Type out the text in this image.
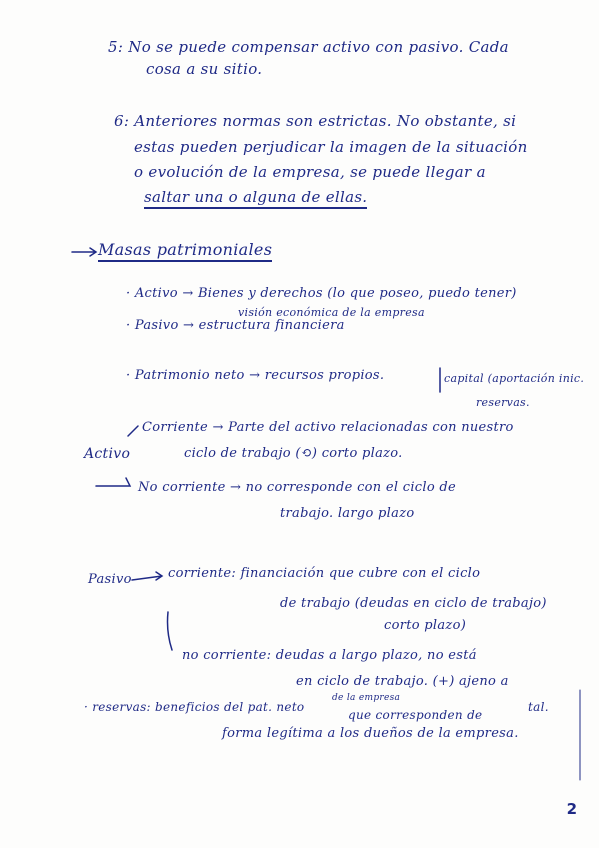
5: No se puede compensar activo con pasivo. Cada
cosa a su sitio.
6: Anteriores normas son estrictas. No obstante, si
estas pueden perjudicar la imagen de la situación
o evolución de la empresa, se puede llegar a
saltar una o alguna de ellas.
Masas patrimoniales
· Activo → Bienes y derechos (lo que poseo, puedo tener)
visión económica de la empresa
· Pasivo → estructura financiera
· Patrimonio neto → recursos propios.	capital (aportación inic.
reservas.
Activo
Corriente → Parte del activo relacionadas con nuestro
ciclo de trabajo (⟲) corto plazo.
No corriente → no corresponde con el ciclo de
trabajo. largo plazo
Pasivo	corriente: financiación que cubre con el ciclo
de trabajo (deudas en ciclo de trabajo)
corto plazo)
no corriente: deudas a largo plazo, no está
en ciclo de trabajo. (+) ajeno a
· reservas: beneficios del pat. neto
de la empresa
que corresponden de
tal.
forma legítima a los dueños de la empresa.
2
